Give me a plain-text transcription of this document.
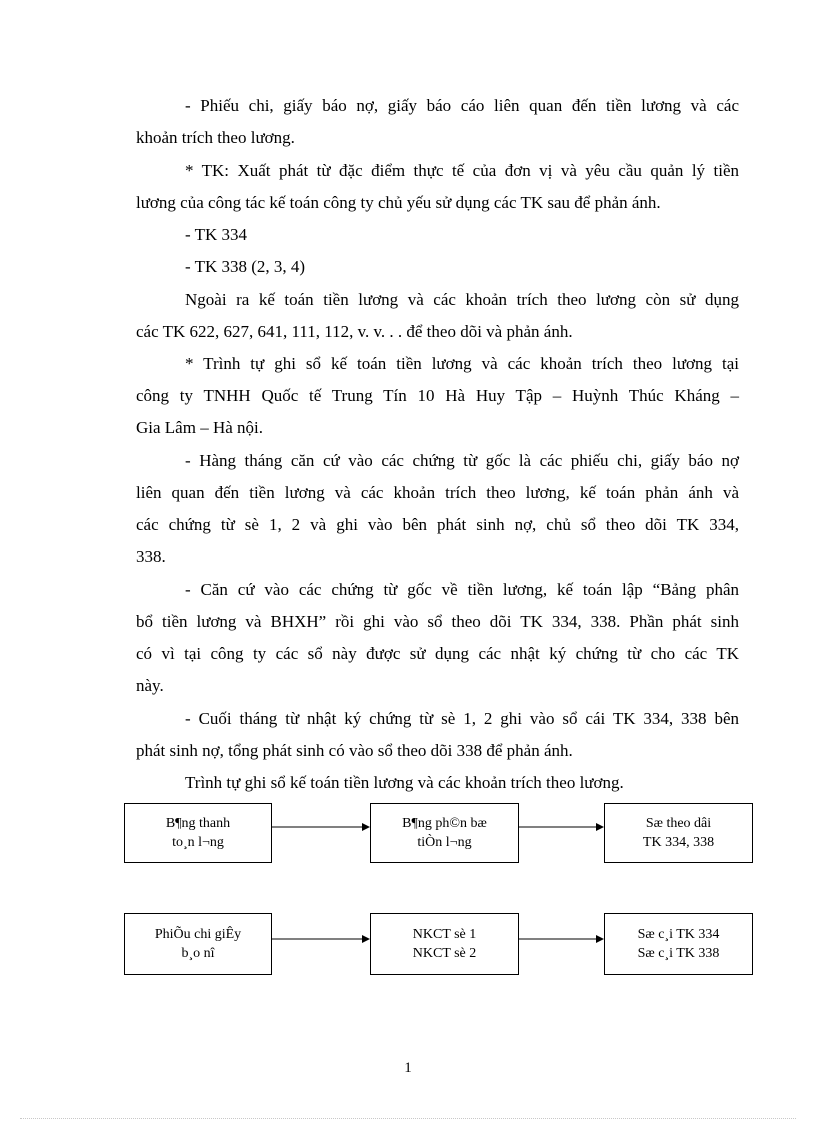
- Phiếu chi, giấy báo nợ, giấy báo cáo liên quan đến tiền lương và các
khoản trích theo lương.
* TK: Xuất phát từ đặc điểm thực tế của đơn vị và yêu cầu quản lý tiền
lương của công tác kế toán công ty chủ yếu sử dụng các TK sau để phản ánh.
- TK 334
- TK 338 (2, 3, 4)
Ngoài ra kế toán tiền lương và các khoản trích theo lương còn sử dụng
các TK 622, 627, 641, 111, 112, v. v. . . để theo dõi và phản ánh.
* Trình tự ghi sổ kế toán tiền lương và các khoản trích theo lương tại
công ty TNHH Quốc tế Trung Tín 10 Hà Huy Tập – Huỳnh Thúc Kháng –
Gia Lâm – Hà nội.
- Hàng tháng căn cứ vào các chứng từ gốc là các phiếu chi, giấy báo nợ
liên quan đến tiền lương và các khoản trích theo lương, kế toán phản ánh và
các chứng từ sè 1, 2 và ghi vào bên phát sinh nợ, chủ sổ theo dõi TK 334,
338.
- Căn cứ vào các chứng từ gốc về tiền lương, kế toán lập “Bảng phân
bổ tiền lương và BHXH” rồi ghi vào sổ theo dõi TK 334, 338. Phần phát sinh
có vì tại công ty các sổ này được sử dụng các nhật ký chứng từ cho các TK
này.
- Cuối tháng từ nhật ký chứng từ sè 1, 2 ghi vào sổ cái TK 334, 338 bên
phát sinh nợ, tổng phát sinh có vào sổ theo dõi 338 để phản ánh.
Trình tự ghi sổ kế toán tiền lương và các khoản trích theo lương.
B¶ng thanh
to¸n l¬ng
B¶ng ph©n bæ
tiÒn l¬ng
Sæ theo dâi
TK 334, 338
PhiÕu chi giÊy
b¸o nî
NKCT sè 1
NKCT sè 2
Sæ c¸i TK 334
Sæ c¸i TK 338
1
